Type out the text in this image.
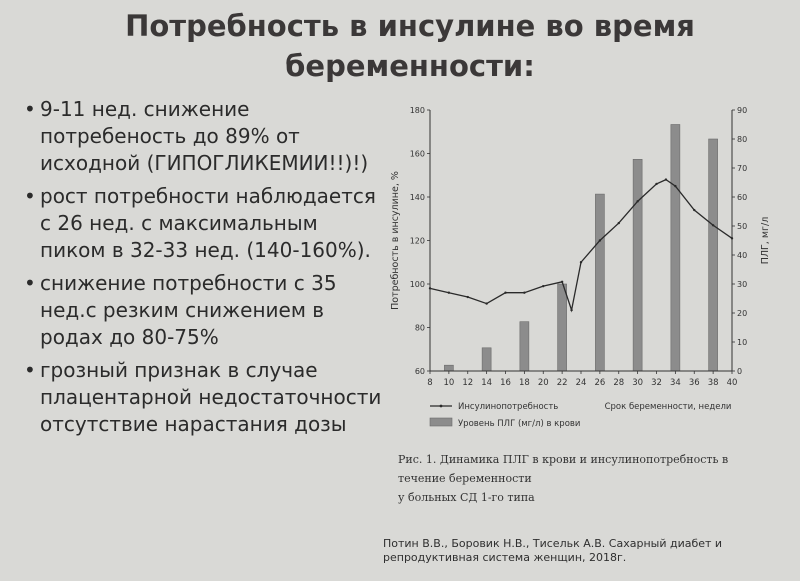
Потребность в инсулине во время
беременности:
• 9-11 нед. снижение потребеность до 89% от исходной (ГИПОГЛИКЕМИИ!!)!)
• рост потребности наблюдается с 26 нед. с максимальным пиком в 32-33 нед. (140-160%).
• снижение потребности с 35 нед.с резким снижением в родах до 80-75%
• грозный признак в случае плацентарной недостаточности отсутствие нарастания дозы
8 10 12 14 16 18 20 22 24 26 28 30 32 34 36 38 40
60
80
100
120
140
160
180
0
10
20
30
40
50
60
70
80
90
Потребность в инсулине, %	ПЛГ, мг/л
Срок беременности, недели
Инсулинопотребность
Уровень ПЛГ (мг/л) в крови
Рис. 1. Динамика ПЛГ в крови и инсулинопотребность в течение беременности
у больных СД 1-го типа
Потин В.В., Боровик Н.В., Тисельк А.В. Сахарный диабет и
репродуктивная система женщин, 2018г.
